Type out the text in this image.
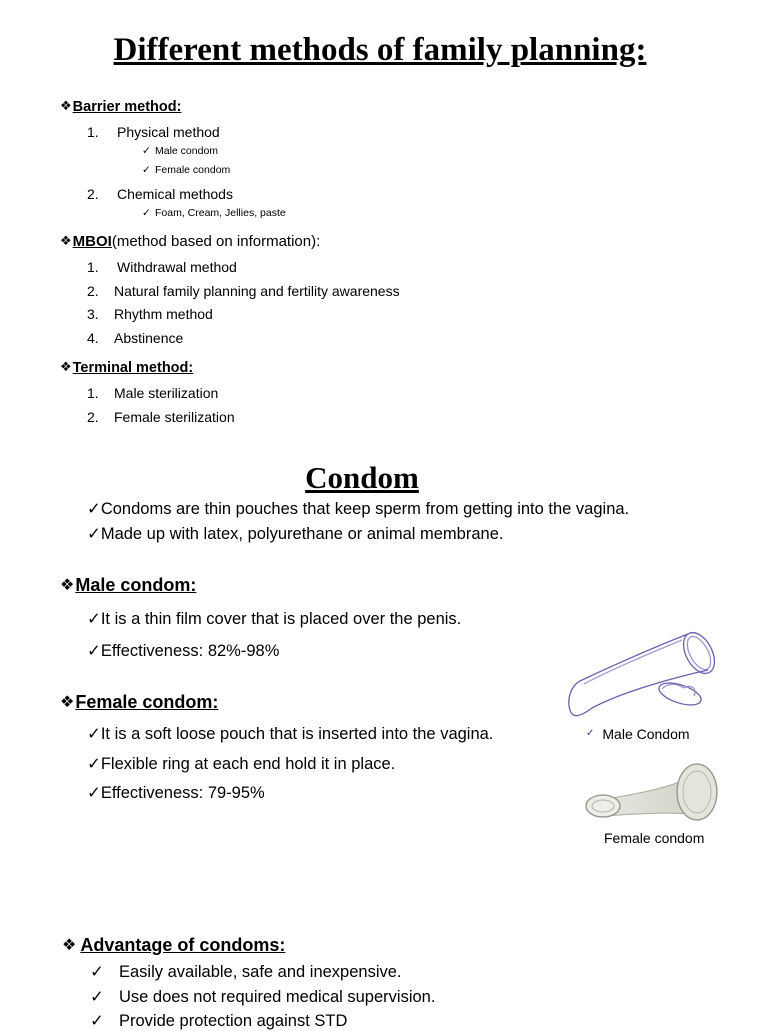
Different methods of family planning:
❖Barrier method:
1. Physical method
✓ Male condom
✓ Female condom
2. Chemical methods
✓ Foam, Cream, Jellies, paste
❖MBOI(method based on information):
1. Withdrawal method
2. Natural family planning and fertility awareness
3. Rhythm method
4. Abstinence
❖Terminal method:
1. Male sterilization
2. Female sterilization
Condom
✓Condoms are thin pouches that keep sperm from getting into the vagina.
✓Made up with latex, polyurethane or animal membrane.
❖Male condom:
✓It is a thin film cover that is placed over the penis.
✓Effectiveness: 82%-98%
❖Female condom:
✓It is a soft loose pouch that is inserted into the vagina.
✓Flexible ring at each end hold it in place.
✓Effectiveness: 79-95%
✓ Male Condom
Female condom
❖ Advantage of condoms:
✓ Easily available, safe and inexpensive.
✓ Use does not required medical supervision.
✓ Provide protection against STD
